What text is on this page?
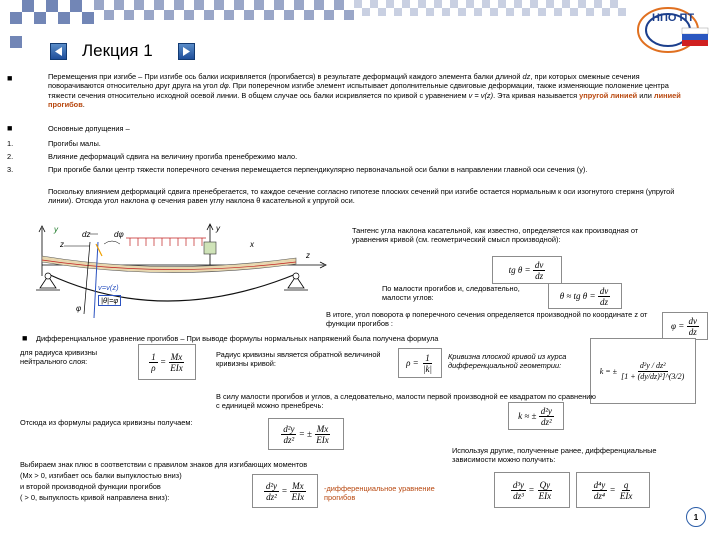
НПО ПТ
Лекция 1
■	Перемещения при изгибе – При изгибе ось балки искривляется (прогибается) в результате деформаций каждого элемента балки длиной dz, при которых смежные сечения поворачиваются относительно друг друга на угол dφ. При поперечном изгибе элемент испытывает дополнительные сдвиговые деформации, также изменяющие положение центра тяжести сечения относительно исходной осевой линии. В общем случае ось балки искривляется по кривой с уравнением v = v(z). Эта кривая называется упругой линией или линией прогибов.
■	Основные допущения –
1.	Прогибы малы.
2.	Влияние деформаций сдвига на величину прогиба пренебрежимо мало.
3.	При прогибе балки центр тяжести поперечного сечения перемещается перпендикулярно первоначальной оси балки в направлении главной оси сечения (y).
Поскольку влиянием деформаций сдвига пренебрегается, то каждое сечение согласно гипотезе плоских сечений при изгибе остается нормальным к оси изогнутого стержня (упругой линии). Отсюда угол наклона φ сечения равен углу наклона θ касательной к упругой оси.
y
z
dz	dφ
y
x
z
v=v(z)
|θ|=φ
φ
Тангенс угла наклона касательной, как известно, определяется как производная от уравнения кривой (см. геометрический смысл производной):
tg θ =
$\frac{dv}{dz}$
По малости прогибов и, следовательно, малости углов:	θ ≈ tg θ =
$\frac{dv}{dz}$
В итоге, угол поворота φ поперечного сечения определяется производной по координате z от функции прогибов :	φ =
$\frac{dv}{dz}$
■ Дифференциальное уравнение прогибов – При выводе формулы нормальных напряжений была получена формула
для радиуса кривизны нейтрального слоя:	$\frac{1}{\rho} = \frac{Mx}{\text{EIx}}$	Радиус кривизны является обратной величиной кривизны кривой:	ρ =
$\frac{1}{|k|}$ Кривизна плоской кривой из курса дифференциальной геометрии:
k = ±
$\frac{\text{d²y / dz²}}{\text{[1 + (dy/dz)²]\textasciicircum{}(3/2)}}$
В силу малости прогибов и углов, а следовательно, малости первой производной ее квадратом по сравнению с единицей можно пренебречь:
k ≈ ±
$\frac{\text{d²y}}{\text{dz²}}$
Отсюда из формулы радиуса кривизны получаем:
$\frac{\text{d²y}}{\text{dz²}}$
= ±
$\frac{Mx}{\text{EIx}}$
Выбираем знак плюс в соответствии с правилом знаков для изгибающих моментов
(Mx > 0, изгибает ось балки выпуклостью вниз)
и второй производной функции прогибов
( > 0, выпуклость кривой направлена вниз):	$\frac{\text{d²y}}{\text{dz²}} = \frac{Mx}{\text{EIx}}$ -дифференциальное уравнение прогибов
Используя другие, полученные ранее, дифференциальные зависимости можно получить:
$\frac{\text{d³y}}{\text{dz³}} = \frac{Qy}{\text{EIx}}$	$\frac{\text{d⁴y}}{\text{dz⁴}} = \frac{q}{\text{EIx}}$
1
